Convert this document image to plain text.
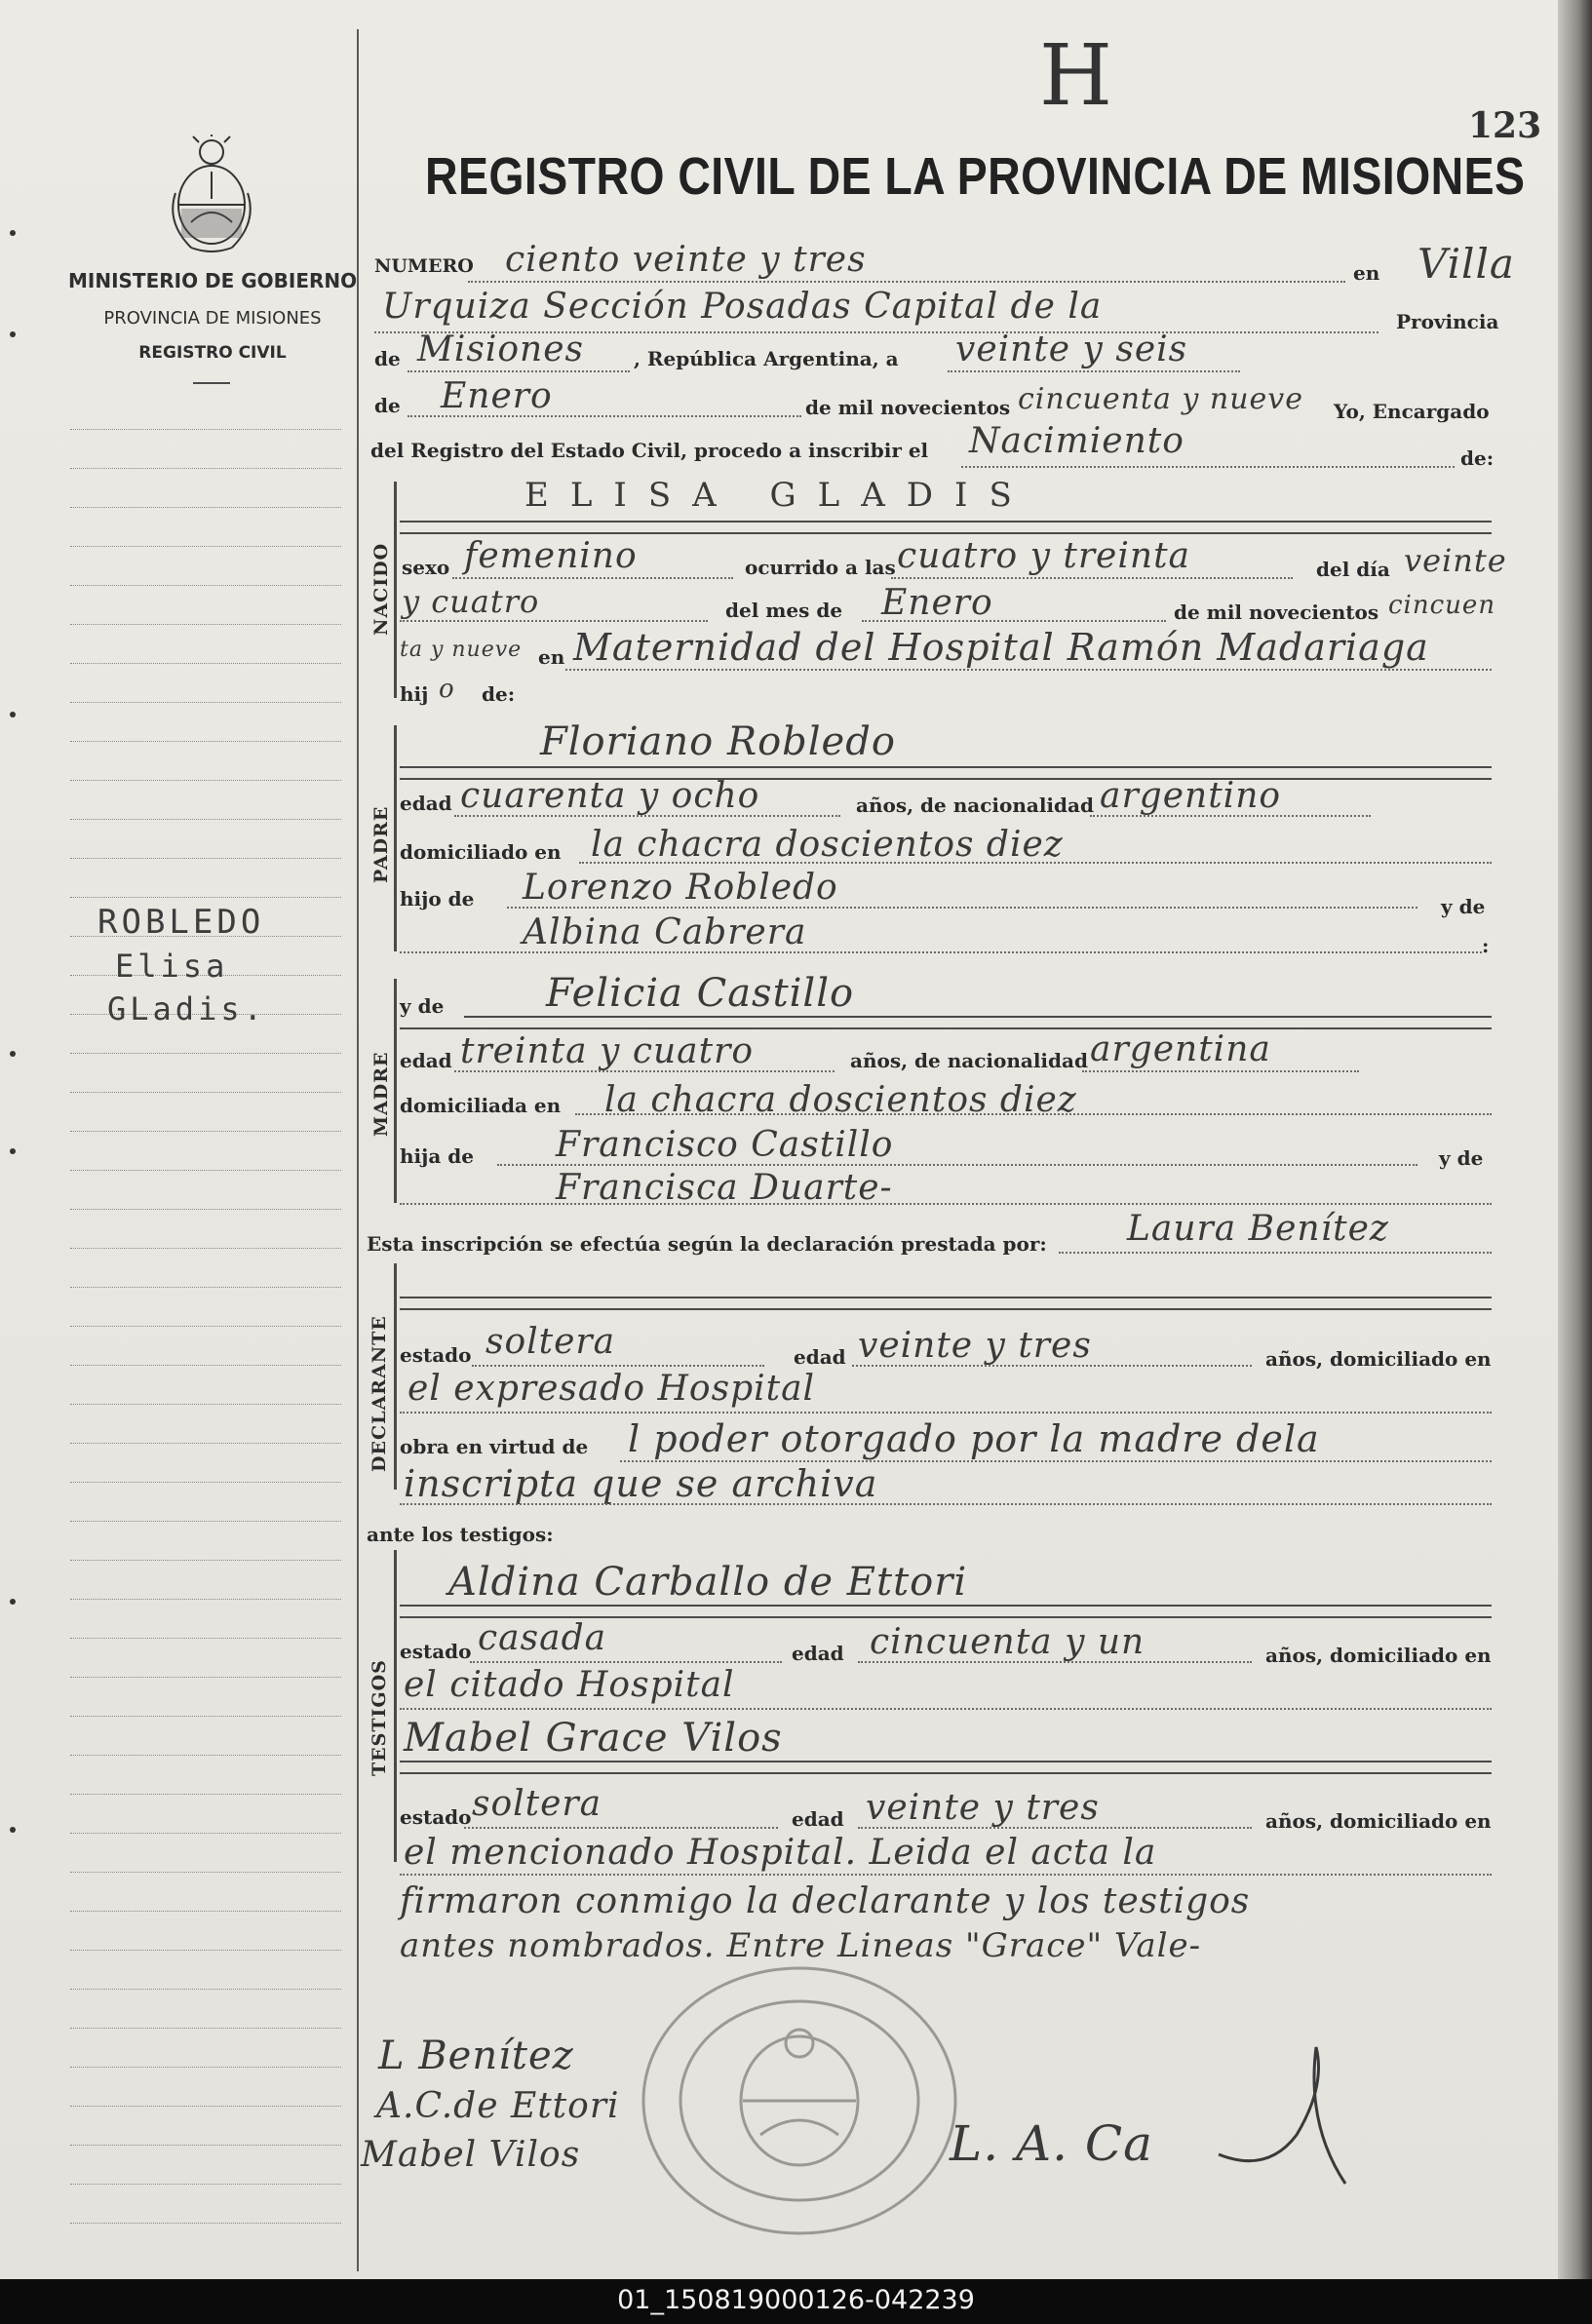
MINISTERIO DE GOBIERNO
PROVINCIA DE MISIONES
REGISTRO CIVIL
REGISTRO CIVIL DE LA PROVINCIA DE MISIONES
H
123
NUMERO ciento veinte y tres	en Villa
Urquiza Sección Posadas Capital de la	Provincia
de Misiones	, República Argentina, a veinte y seis
de Enero	de mil novecientos cincuenta y nueve Yo, Encargado
del Registro del Estado Civil, procedo a inscribir el Nacimiento	de:
NACIDO
ELISA GLADIS
sexo femenino	ocurrido a las cuatro y treinta	del día veinte
y cuatro	del mes de Enero	de mil novecientos cincuen
ta y nueve en Maternidad del Hospital Ramón Madariaga
hij o de:
PADRE
Floriano Robledo
edad cuarenta y ocho	años, de nacionalidad argentino
domiciliado en la chacra doscientos diez
hijo de Lorenzo Robledo	y de
Albina Cabrera	:
MADRE
y de	Felicia Castillo
edad treinta y cuatro	años, de nacionalidad argentina
domiciliada en la chacra doscientos diez
hija de Francisco Castillo	y de
Francisca Duarte-
Esta inscripción se efectúa según la declaración prestada por: Laura Benítez
DECLARANTE estado soltera	edad veinte y tres	años, domiciliado en
el expresado Hospital
obra en virtud de l poder otorgado por la madre dela
inscripta que se archiva
ante los testigos:
TESTIGOS
Aldina Carballo de Ettori
estado casada	edad cincuenta y un	años, domiciliado en
el citado Hospital
Mabel Grace Vilos
estado soltera	edad veinte y tres	años, domiciliado en
el mencionado Hospital. Leida el acta la
firmaron conmigo la declarante y los testigos
antes nombrados. Entre Lineas "Grace" Vale-
ROBLEDO
Elisa
GLadis.
L Benítez
A.C.de Ettori
Mabel Vilos	L. A. Ca
01_150819000126-042239
